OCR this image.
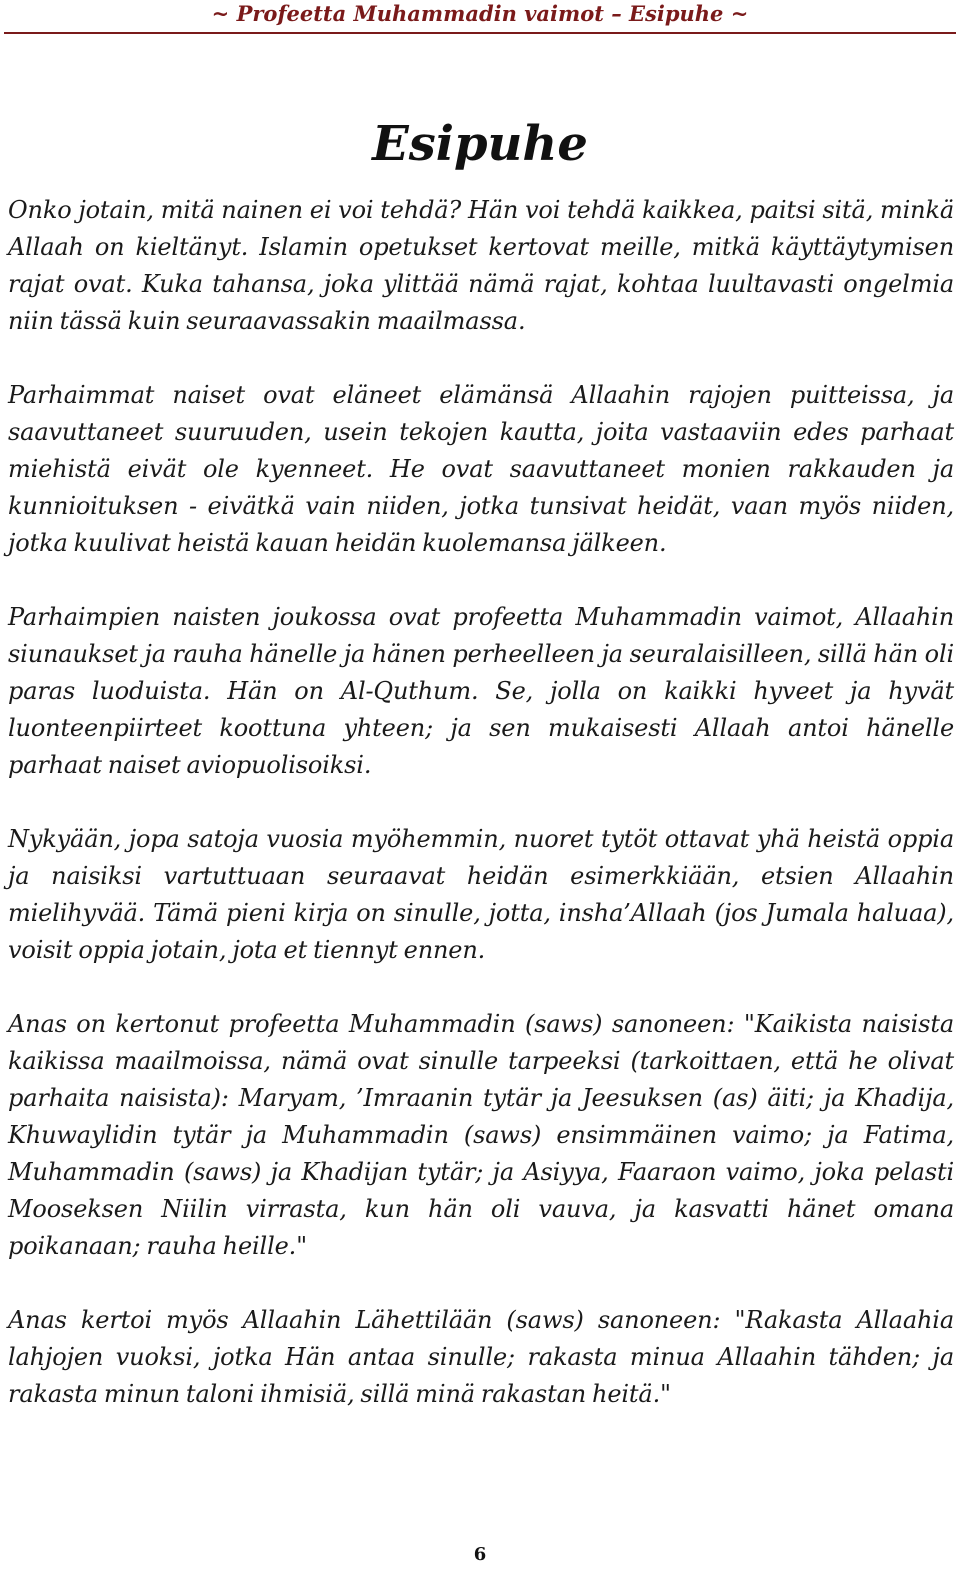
~ Profeetta Muhammadin vaimot – Esipuhe ~
Esipuhe

Onko jotain, mitä nainen ei voi tehdä? Hän voi tehdä kaikkea, paitsi sitä, minkä Allaah on kieltänyt. Islamin opetukset kertovat meille, mitkä käyttäytymisen rajat ovat. Kuka tahansa, joka ylittää nämä rajat, kohtaa luultavasti ongelmia niin tässä kuin seuraavassakin maailmassa.

Parhaimmat naiset ovat eläneet elämänsä Allaahin rajojen puitteissa, ja saavuttaneet suuruuden, usein tekojen kautta, joita vastaaviin edes parhaat miehistä eivät ole kyenneet. He ovat saavuttaneet monien rakkauden ja kunnioituksen - eivätkä vain niiden, jotka tunsivat heidät, vaan myös niiden, jotka kuulivat heistä kauan heidän kuolemansa jälkeen.

Parhaimpien naisten joukossa ovat profeetta Muhammadin vaimot, Allaahin siunaukset ja rauha hänelle ja hänen perheelleen ja seuralaisilleen, sillä hän oli paras luoduista. Hän on Al-Quthum. Se, jolla on kaikki hyveet ja hyvät luonteenpiirteet koottuna yhteen; ja sen mukaisesti Allaah antoi hänelle parhaat naiset aviopuolisoiksi.

Nykyään, jopa satoja vuosia myöhemmin, nuoret tytöt ottavat yhä heistä oppia ja naisiksi vartuttuaan seuraavat heidän esimerkkiään, etsien Allaahin mielihyvää. Tämä pieni kirja on sinulle, jotta, insha’Allaah (jos Jumala haluaa), voisit oppia jotain, jota et tiennyt ennen.

Anas on kertonut profeetta Muhammadin (saws) sanoneen: "Kaikista naisista kaikissa maailmoissa, nämä ovat sinulle tarpeeksi (tarkoittaen, että he olivat parhaita naisista): Maryam, ’Imraanin tytär ja Jeesuksen (as) äiti; ja Khadija, Khuwaylidin tytär ja Muhammadin (saws) ensimmäinen vaimo; ja Fatima, Muhammadin (saws) ja Khadijan tytär; ja Asiyya, Faaraon vaimo, joka pelasti Mooseksen Niilin virrasta, kun hän oli vauva, ja kasvatti hänet omana poikanaan; rauha heille."

Anas kertoi myös Allaahin Lähettilään (saws) sanoneen: "Rakasta Allaahia lahjojen vuoksi, jotka Hän antaa sinulle; rakasta minua Allaahin tähden; ja rakasta minun taloni ihmisiä, sillä minä rakastan heitä."

6
